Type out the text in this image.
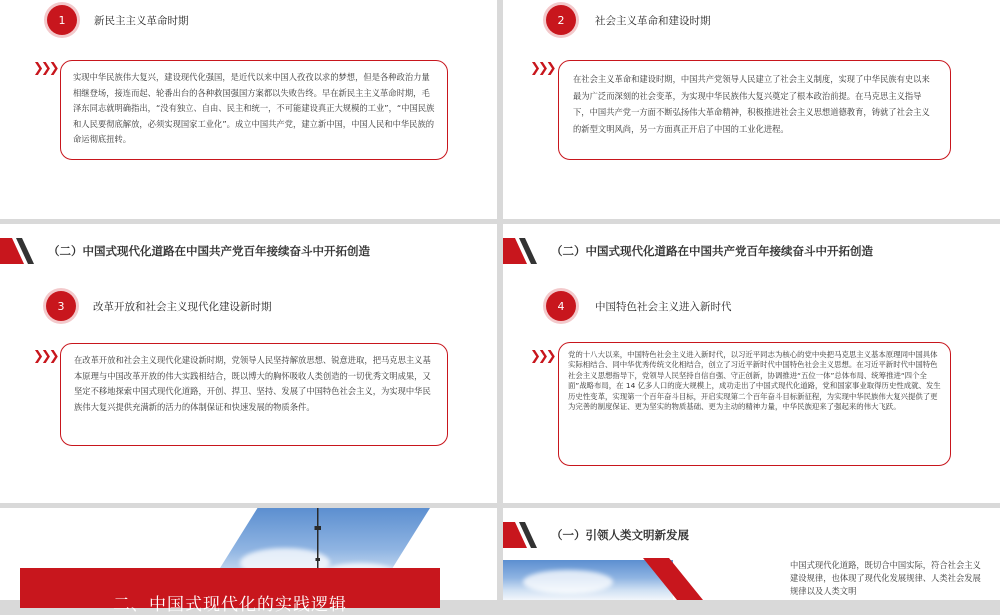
1	新民主主义革命时期
❯❯❯

实现中华民族伟大复兴，建设现代化强国，是近代以来中国人孜孜以求的梦想，但是各种政治力量相继登场，接连而起、轮番出台的各种救国强国方案都以失败告终。早在新民主主义革命时期，毛泽东同志就明确指出，“没有独立、自由、民主和统一，不可能建设真正大规模的工业”，“中国民族和人民要彻底解放，必须实现国家工业化”。成立中国共产党，建立新中国，中国人民和中华民族的命运彻底扭转。

2	社会主义革命和建设时期
❯❯❯

在社会主义革命和建设时期，中国共产党领导人民建立了社会主义制度，实现了中华民族有史以来最为广泛而深刻的社会变革，为实现中华民族伟大复兴奠定了根本政治前提。在马克思主义指导下，中国共产党一方面不断弘扬伟大革命精神，积极推进社会主义思想道德教育，铸就了社会主义的新型文明风尚，另一方面真正开启了中国的工业化进程。

（二）中国式现代化道路在中国共产党百年接续奋斗中开拓创造
3	改革开放和社会主义现代化建设新时期
❯❯❯ 在改革开放和社会主义现代化建设新时期，党领导人民坚持解放思想、锐意进取，把马克思主义基本原理与中国改革开放的伟大实践相结合，既以博大的胸怀吸收人类创造的一切优秀文明成果，又坚定不移地探索中国式现代化道路，开创、捍卫、坚持、发展了中国特色社会主义，为实现中华民族伟大复兴提供充满新的活力的体制保证和快速发展的物质条件。

（二）中国式现代化道路在中国共产党百年接续奋斗中开拓创造
4	中国特色社会主义进入新时代
❯❯❯ 党的十八大以来，中国特色社会主义进入新时代，以习近平同志为核心的党中央把马克思主义基本原理同中国具体实际相结合、同中华优秀传统文化相结合，创立了习近平新时代中国特色社会主义思想。在习近平新时代中国特色社会主义思想指导下，党领导人民坚持自信自强、守正创新，协调推进“五位一体”总体布局、统筹推进“四个全面”战略布局，在 14 亿多人口的庞大规模上，成功走出了中国式现代化道路，党和国家事业取得历史性成就、发生历史性变革，实现第一个百年奋斗目标，开启实现第二个百年奋斗目标新征程，为实现中华民族伟大复兴提供了更为完善的制度保证、更为坚实的物质基础、更为主动的精神力量，中华民族迎来了强起来的伟大飞跃。

二、中国式现代化的实践逻辑
（一）引领人类文明新发展
中国式现代化道路，既切合中国实际，符合社会主义建设规律，也体现了现代化发展规律、人类社会发展规律以及人类文明
